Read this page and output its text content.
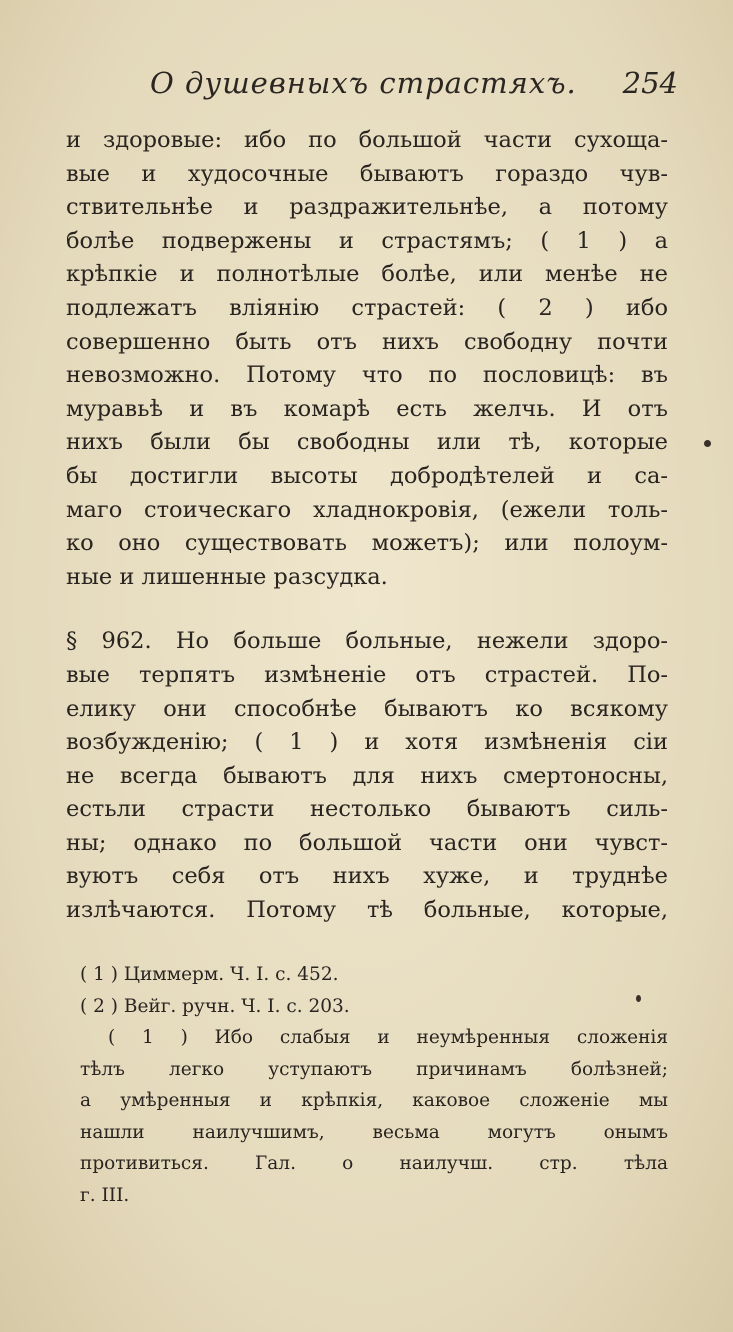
О душевныхъ страстяхъ. 254
и здоровые: ибо по большой части сухоща-
вые и худосочные бываютъ гораздо чув-
ствительнѣе и раздражительнѣе, а потому
болѣе подвержены и страстямъ; ( 1 ) а
крѣпкіе и полнотѣлые болѣе, или менѣе не
подлежатъ вліянію страстей: ( 2 ) ибо
совершенно быть отъ нихъ свободну почти
невозможно. Потому что по пословицѣ: въ
муравьѣ и въ комарѣ есть желчь. И отъ
нихъ были бы свободны или тѣ, которые
бы достигли высоты добродѣтелей и са-
маго стоическаго хладнокровія, (ежели толь-
ко оно существовать можетъ); или полоум-
ные и лишенные разсудка.
§ 962. Но больше больные, нежели здоро-
вые терпятъ измѣненіе отъ страстей. По-
елику они способнѣе бываютъ ко всякому
возбужденію; ( 1 ) и хотя измѣненія сіи
не всегда бываютъ для нихъ смертоносны,
естьли страсти нестолько бываютъ силь-
ны; однако по большой части они чувст-
вуютъ себя отъ нихъ хуже, и труднѣе
излѣчаются. Потому тѣ больные, которые,
( 1 ) Циммерм. Ч. I. с. 452.
( 2 ) Вейг. ручн. Ч. I. с. 203.
( 1 ) Ибо слабыя и неумѣренныя сложенія
тѣлъ легко уступаютъ причинамъ болѣзней;
а умѣренныя и крѣпкія, каковое сложеніе мы
нашли наилучшимъ, весьма могутъ онымъ
противиться. Гал. о наилучш. стр. тѣла
г. III.
